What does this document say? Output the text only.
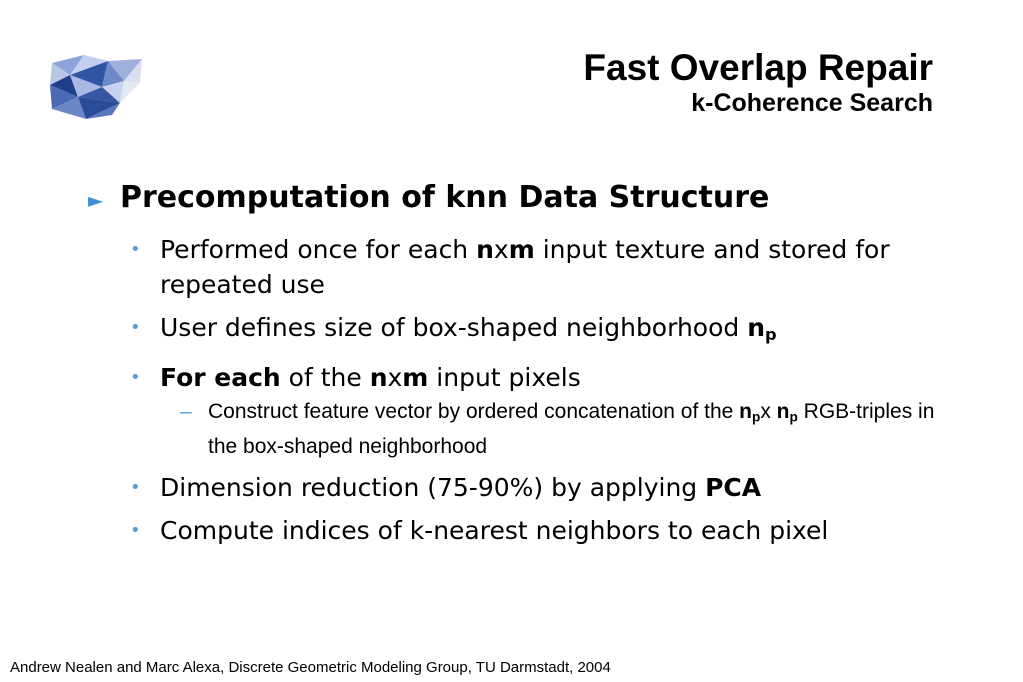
Fast Overlap Repair
k-Coherence Search
► Precomputation of knn Data Structure
• Performed once for each nxm input texture and stored for repeated use
• User defines size of box-shaped neighborhood $n_p$
• For each of the nxm input pixels
– Construct feature vector by ordered concatenation of the $n_px$ $n_p$ RGB-triples in the box-shaped neighborhood
• Dimension reduction (75-90%) by applying PCA
• Compute indices of k-nearest neighbors to each pixel
Andrew Nealen and Marc Alexa, Discrete Geometric Modeling Group, TU Darmstadt, 2004
